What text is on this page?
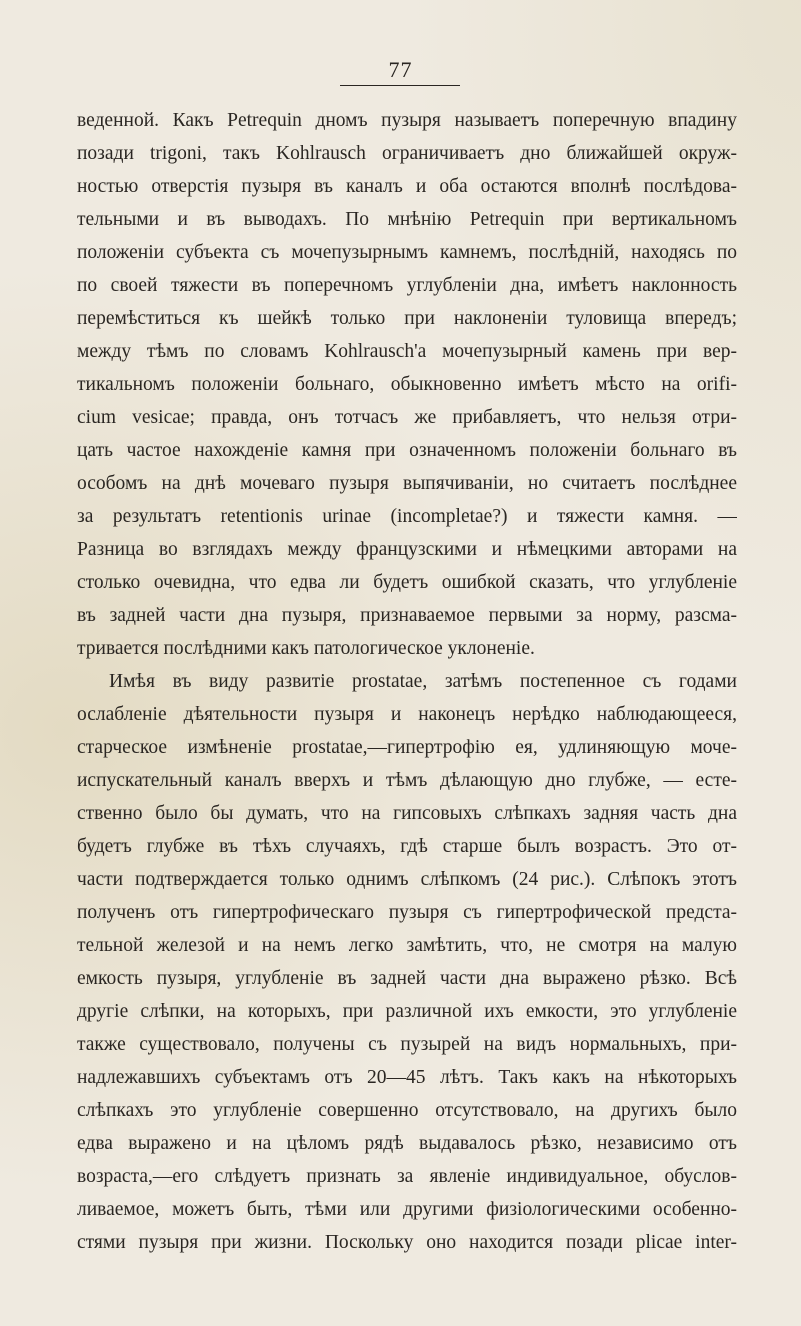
77
веденной. Какъ Petrequin дномъ пузыря называетъ поперечную впадину
позади trigoni, такъ Kohlrausch ограничиваетъ дно ближайшей окруж-
ностью отверстія пузыря въ каналъ и оба остаются вполнѣ послѣдова-
тельными и въ выводахъ. По мнѣнію Petrequin при вертикальномъ
положеніи субъекта съ мочепузырнымъ камнемъ, послѣдній, находясь по
по своей тяжести въ поперечномъ углубленіи дна, имѣетъ наклонность
перемѣститься къ шейкѣ только при наклоненіи туловища впередъ;
между тѣмъ по словамъ Kohlrausch'a мочепузырный камень при вер-
тикальномъ положеніи больнаго, обыкновенно имѣетъ мѣсто на orifi-
cium vesicae; правда, онъ тотчасъ же прибавляетъ, что нельзя отри-
цать частое нахожденіе камня при означенномъ положеніи больнаго въ
особомъ на днѣ мочеваго пузыря выпячиваніи, но считаетъ послѣднее
за результатъ retentionis urinae (incompletae?) и тяжести камня. —
Разница во взглядахъ между французскими и нѣмецкими авторами на
столько очевидна, что едва ли будетъ ошибкой сказать, что углубленіе
въ задней части дна пузыря, признаваемое первыми за норму, разсма-
тривается послѣдними какъ патологическое уклоненіе.
Имѣя въ виду развитіе prostatae, затѣмъ постепенное съ годами
ослабленіе дѣятельности пузыря и наконецъ нерѣдко наблюдающееся,
старческое измѣненіе prostatae,—гипертрофію ея, удлиняющую моче-
испускательный каналъ вверхъ и тѣмъ дѣлающую дно глубже, — есте-
ственно было бы думать, что на гипсовыхъ слѣпкахъ задняя часть дна
будетъ глубже въ тѣхъ случаяхъ, гдѣ старше былъ возрастъ. Это от-
части подтверждается только однимъ слѣпкомъ (24 рис.). Слѣпокъ этотъ
полученъ отъ гипертрофическаго пузыря съ гипертрофической предста-
тельной железой и на немъ легко замѣтить, что, не смотря на малую
емкость пузыря, углубленіе въ задней части дна выражено рѣзко. Всѣ
другіе слѣпки, на которыхъ, при различной ихъ емкости, это углубленіе
также существовало, получены съ пузырей на видъ нормальныхъ, при-
надлежавшихъ субъектамъ отъ 20—45 лѣтъ. Такъ какъ на нѣкоторыхъ
слѣпкахъ это углубленіе совершенно отсутствовало, на другихъ было
едва выражено и на цѣломъ рядѣ выдавалось рѣзко, независимо отъ
возраста,—его слѣдуетъ признать за явленіе индивидуальное, обуслов-
ливаемое, можетъ быть, тѣми или другими физіологическими особенно-
стями пузыря при жизни. Поскольку оно находится позади plicae inter-
